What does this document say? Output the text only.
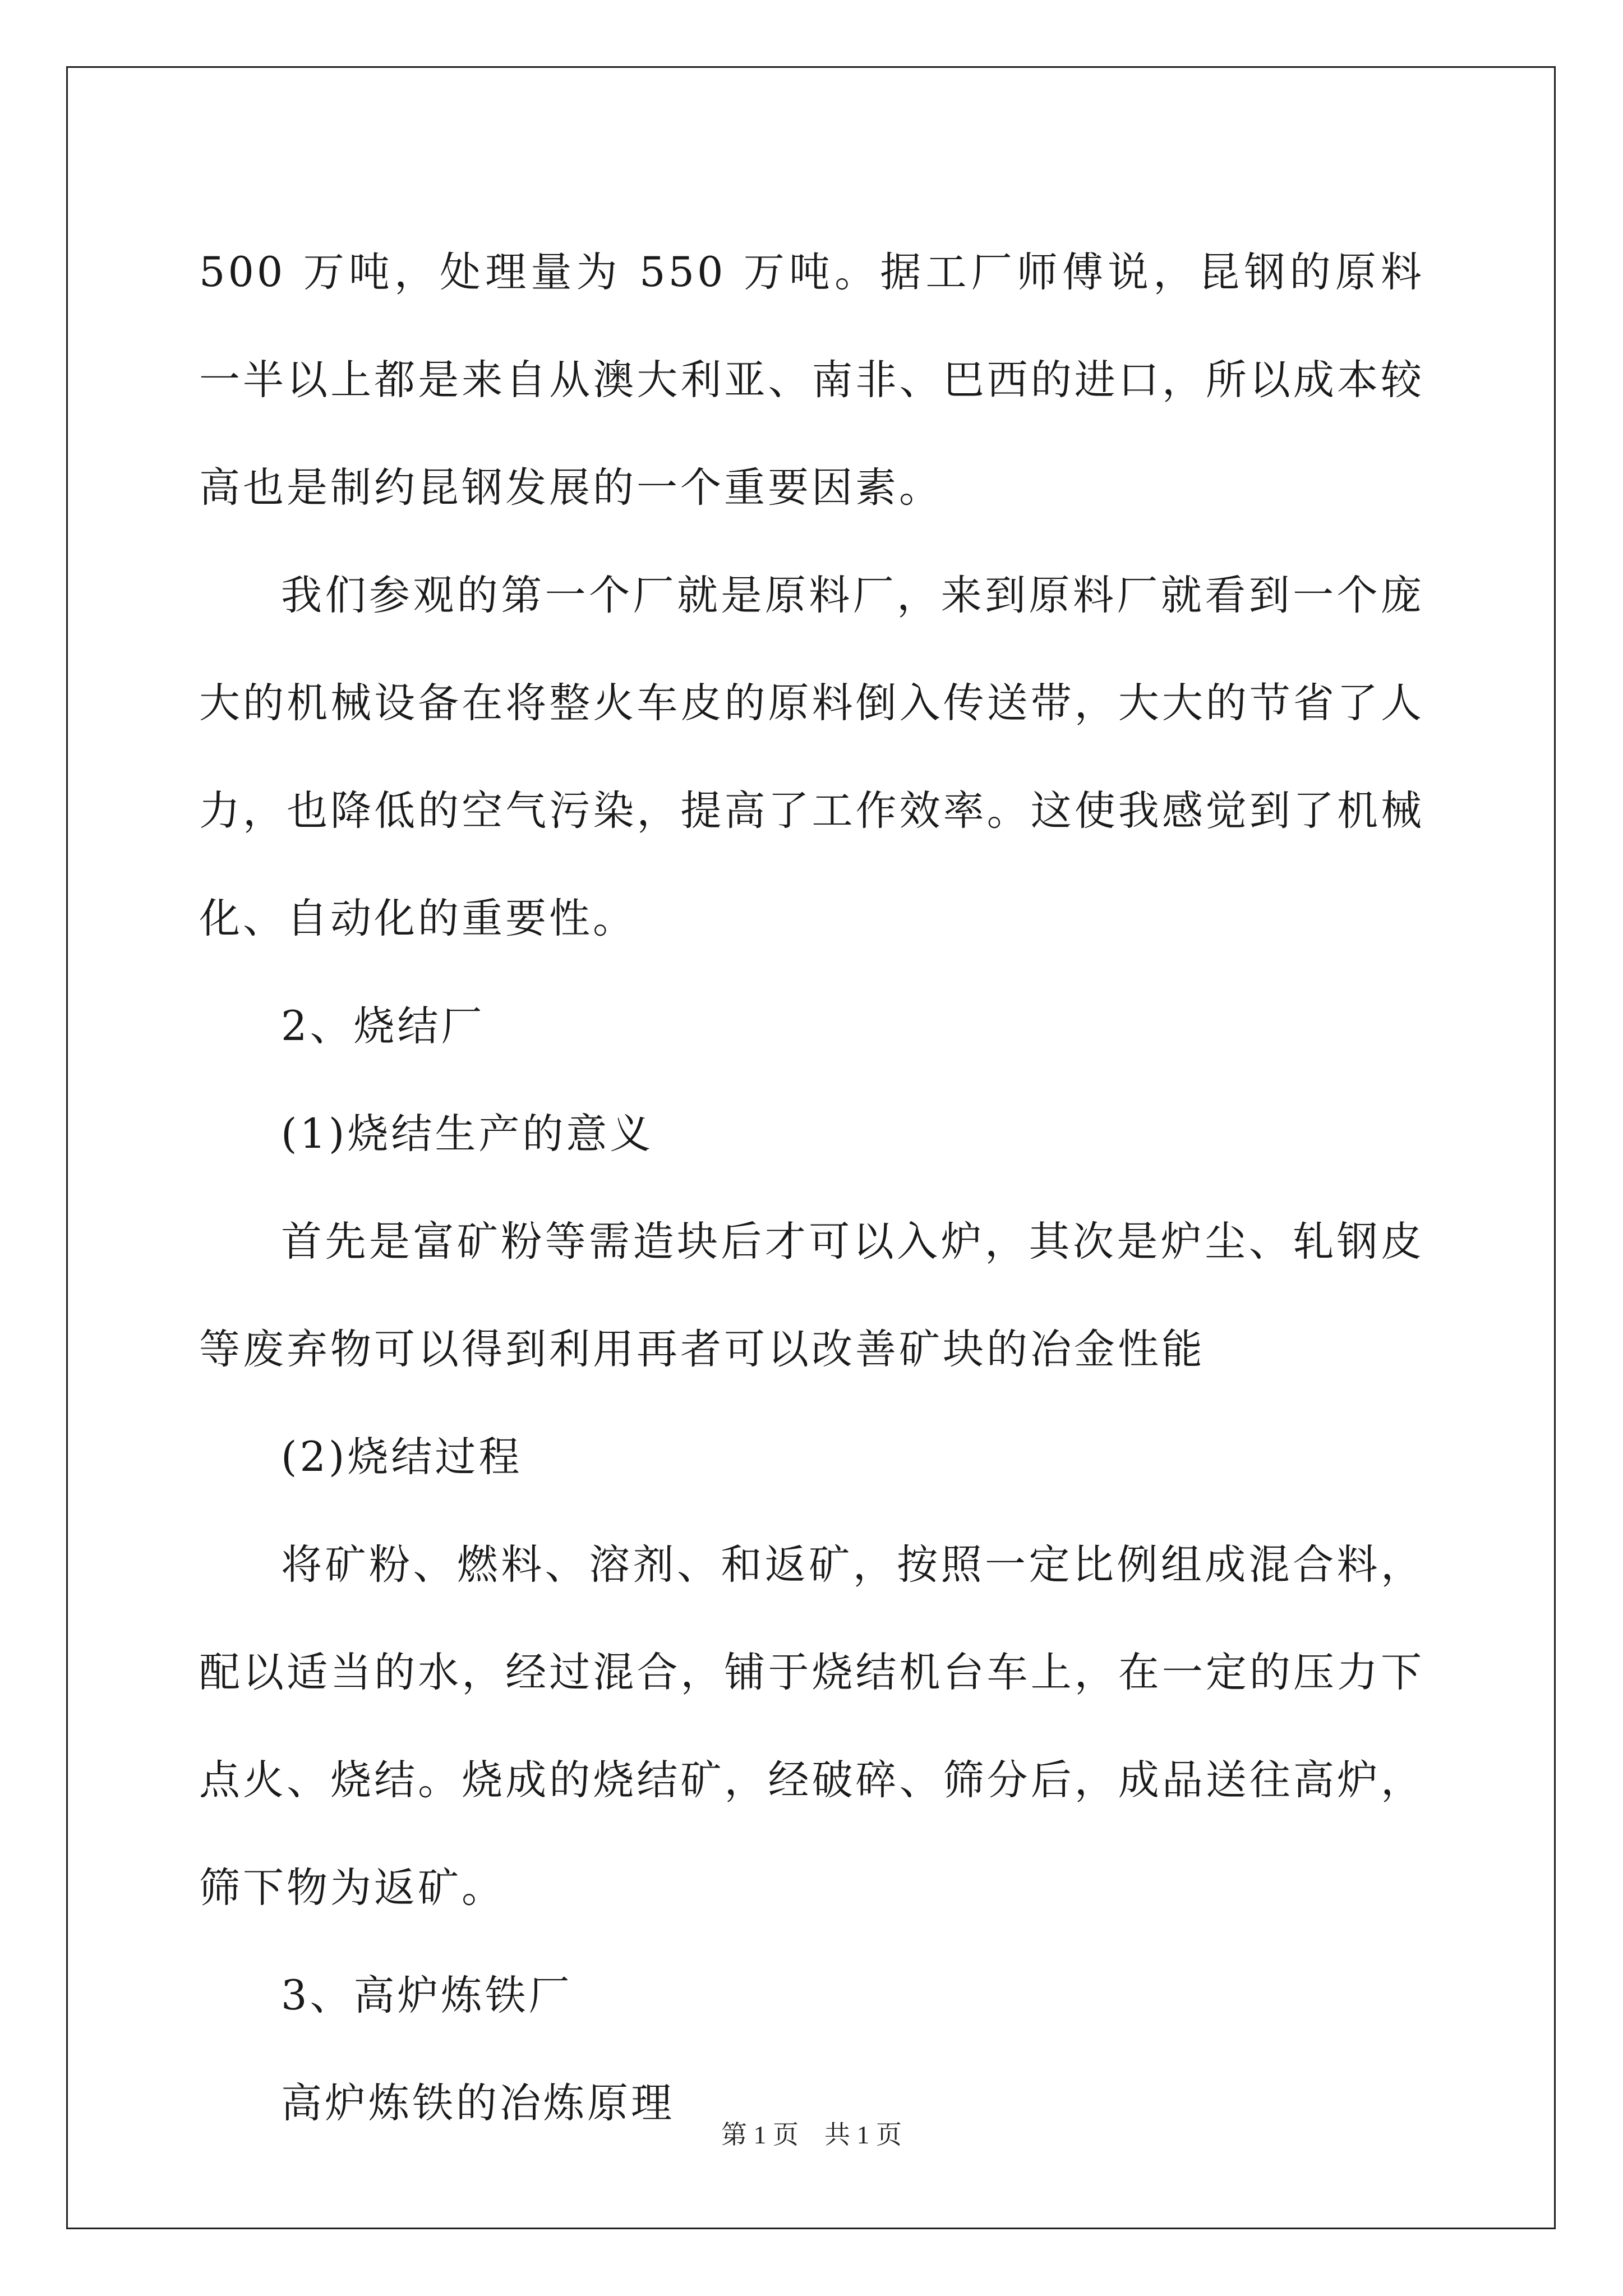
500 万吨，处理量为 550 万吨。据工厂师傅说，昆钢的原料一半以上都是来自从澳大利亚、南非、巴西的进口，所以成本较高也是制约昆钢发展的一个重要因素。

我们参观的第一个厂就是原料厂，来到原料厂就看到一个庞大的机械设备在将整火车皮的原料倒入传送带，大大的节省了人力，也降低的空气污染，提高了工作效率。这使我感觉到了机械化、自动化的重要性。

2、烧结厂

(1)烧结生产的意义

首先是富矿粉等需造块后才可以入炉，其次是炉尘、轧钢皮等废弃物可以得到利用再者可以改善矿块的冶金性能

(2)烧结过程

将矿粉、燃料、溶剂、和返矿，按照一定比例组成混合料，配以适当的水，经过混合，铺于烧结机台车上，在一定的压力下点火、烧结。烧成的烧结矿，经破碎、筛分后，成品送往高炉，筛下物为返矿。

3、高炉炼铁厂

高炉炼铁的冶炼原理

第 1 页　共 1 页
